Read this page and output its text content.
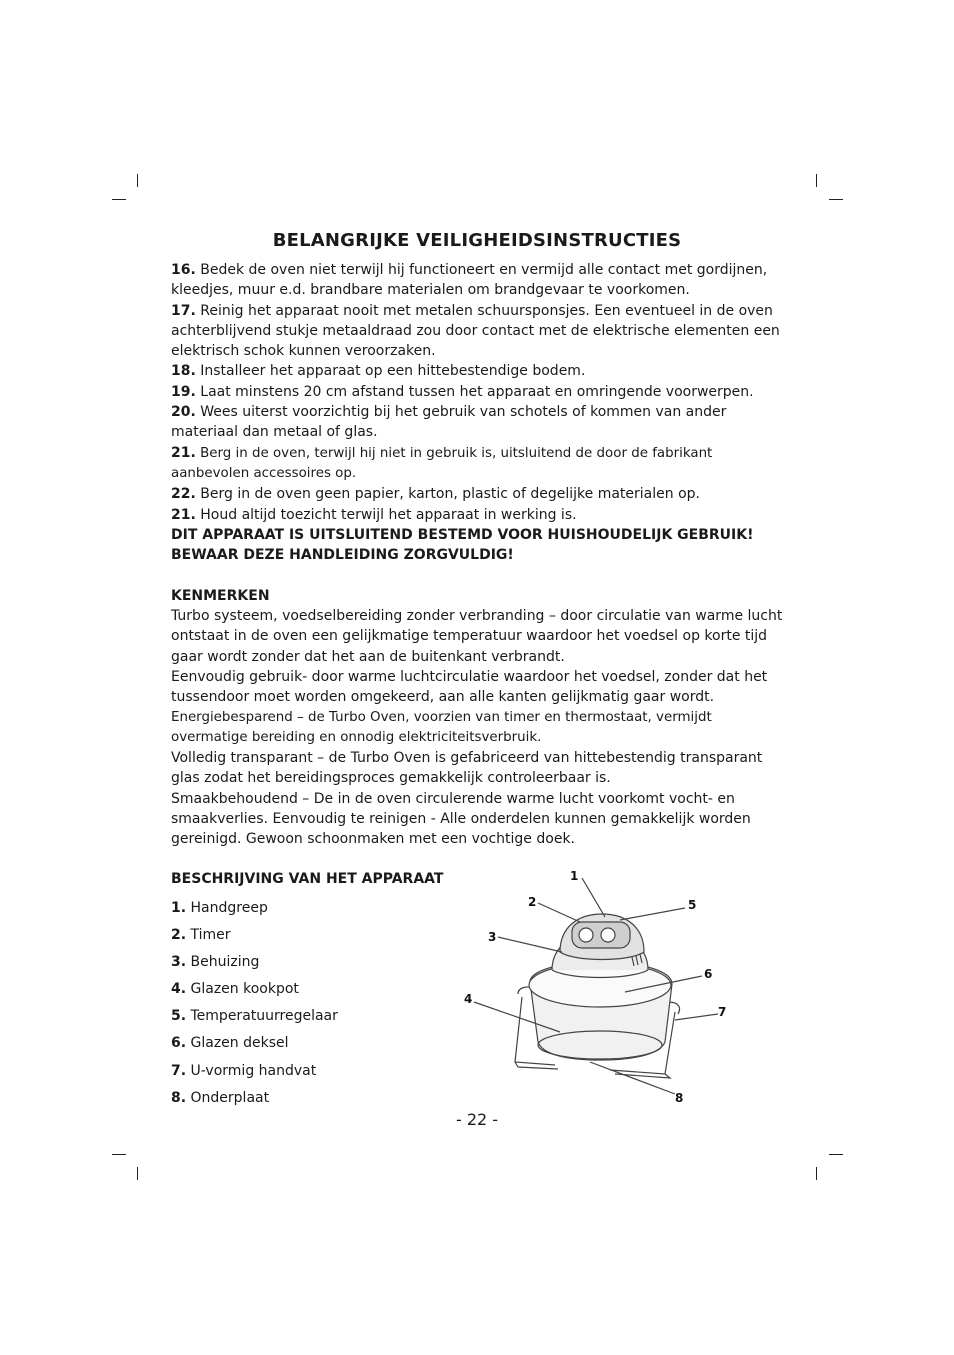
BELANGRIJKE VEILIGHEIDSINSTRUCTIES

16. Bedek de oven niet terwijl hij functioneert en vermijd alle contact met gordijnen, kleedjes, muur e.d. brandbare materialen om brandgevaar te voorkomen.

17. Reinig het apparaat nooit met metalen schuursponsjes. Een eventueel in de oven achterblijvend stukje metaaldraad zou door contact met de elektrische elementen een elektrisch schok kunnen veroorzaken.

18. Installeer het apparaat op een hittebestendige bodem.

19. Laat minstens 20 cm afstand tussen het apparaat en omringende voorwerpen.

20. Wees uiterst voorzichtig bij het gebruik van schotels of kommen van ander materiaal dan metaal of glas.

21. Berg in de oven, terwijl hij niet in gebruik is, uitsluitend de door de fabrikant aanbevolen accessoires op.

22. Berg in de oven geen papier, karton, plastic of degelijke materialen op.

21. Houd altijd toezicht terwijl het apparaat in werking is.

DIT APPARAAT IS UITSLUITEND BESTEMD VOOR HUISHOUDELIJK GEBRUIK! BEWAAR DEZE HANDLEIDING ZORGVULDIG!

KENMERKEN

Turbo systeem, voedselbereiding zonder verbranding – door circulatie van warme lucht ontstaat in de oven een gelijkmatige temperatuur waardoor het voedsel op korte tijd gaar wordt zonder dat het aan de buitenkant verbrandt.

Eenvoudig gebruik- door warme luchtcirculatie waardoor het voedsel, zonder dat het tussendoor moet worden omgekeerd, aan alle kanten gelijkmatig gaar wordt.

Energiebesparend – de Turbo Oven, voorzien van timer en thermostaat, vermijdt overmatige bereiding en onnodig elektriciteitsverbruik.

Volledig transparant – de Turbo Oven is gefabriceerd van hittebestendig transparant glas zodat het bereidingsproces gemakkelijk controleerbaar is.

Smaakbehoudend – De in de oven circulerende warme lucht voorkomt vocht- en smaakverlies. Eenvoudig te reinigen - Alle onderdelen kunnen gemakkelijk worden gereinigd. Gewoon schoonmaken met een vochtige doek.

BESCHRIJVING VAN HET APPARAAT
1. Handgreep
2. Timer
3. Behuizing
4. Glazen kookpot
5. Temperatuurregelaar
6. Glazen deksel
7. U-vormig handvat
8. Onderplaat
1
2
3
4
5
6
7
8
- 22 -
